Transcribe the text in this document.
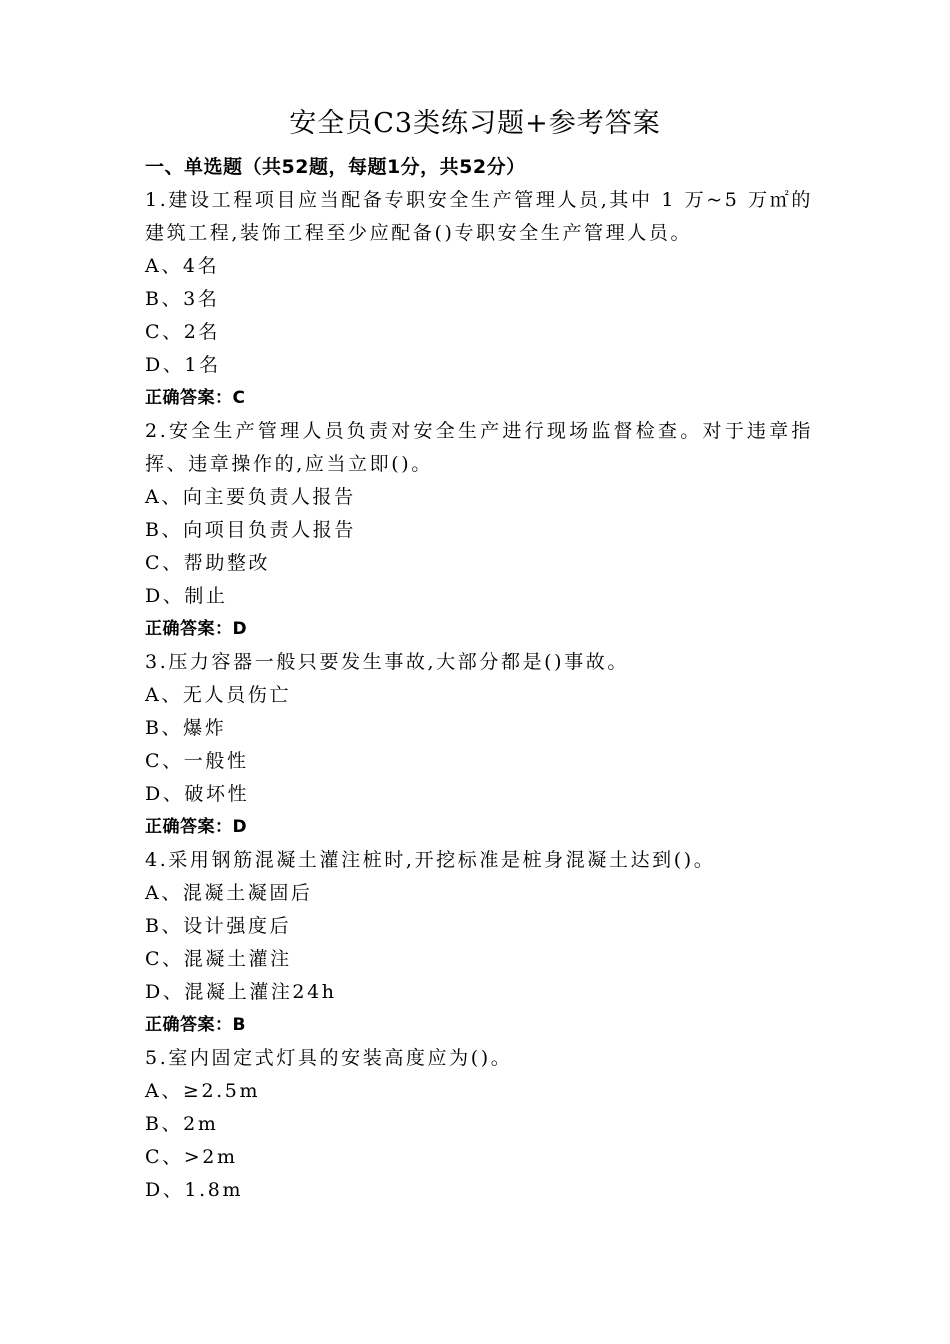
安全员C3类练习题+参考答案
一、单选题（共52题，每题1分，共52分）
1.建设工程项目应当配备专职安全生产管理人员,其中 1 万~5 万㎡的建筑工程,装饰工程至少应配备()专职安全生产管理人员。
A、4名
B、3名
C、2名
D、1名
正确答案：C
2.安全生产管理人员负责对安全生产进行现场监督检查。对于违章指挥、违章操作的,应当立即()。
A、向主要负责人报告
B、向项目负责人报告
C、帮助整改
D、制止
正确答案：D
3.压力容器一般只要发生事故,大部分都是()事故。
A、无人员伤亡
B、爆炸
C、一般性
D、破坏性
正确答案：D
4.采用钢筋混凝土灌注桩时,开挖标准是桩身混凝土达到()。
A、混凝土凝固后
B、设计强度后
C、混凝土灌注
D、混凝上灌注24h
正确答案：B
5.室内固定式灯具的安装高度应为()。
A、≥2.5m
B、2m
C、>2m
D、1.8m
